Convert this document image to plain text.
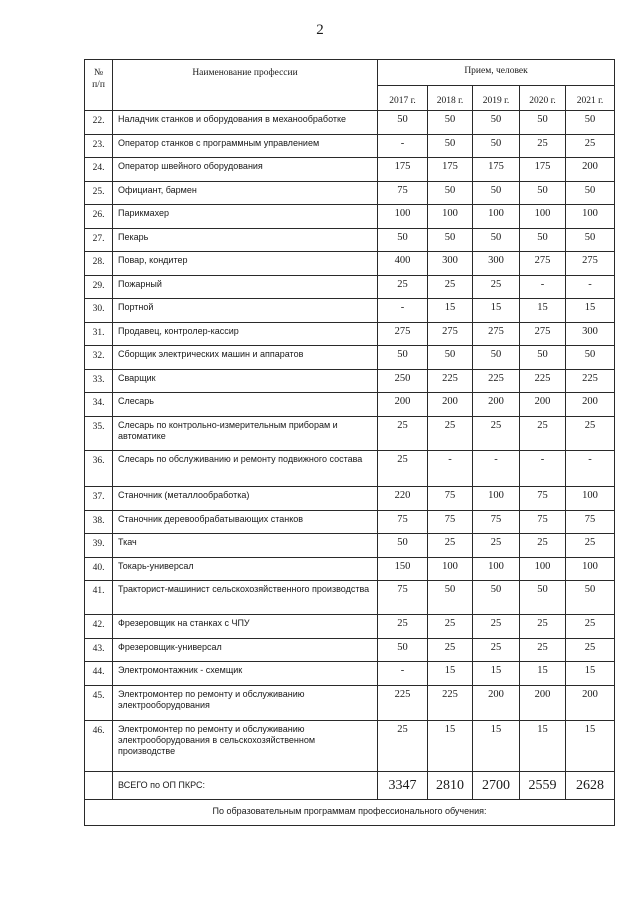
2
№
п/п	Наименование профессии	Прием, человек				
		2017 г.	2018 г.	2019 г.	2020 г.	2021 г.
22.	Наладчик станков и оборудования в механообработке	50	50	50	50	50
23.	Оператор станков с программным управлением	-	50	50	25	25
24.	Оператор швейного оборудования	175	175	175	175	200
25.	Официант, бармен	75	50	50	50	50
26.	Парикмахер	100	100	100	100	100
27.	Пекарь	50	50	50	50	50
28.	Повар, кондитер	400	300	300	275	275
29.	Пожарный	25	25	25	-	-
30.	Портной	-	15	15	15	15
31.	Продавец, контролер-кассир	275	275	275	275	300
32.	Сборщик электрических машин и аппаратов	50	50	50	50	50
33.	Сварщик	250	225	225	225	225
34.	Слесарь	200	200	200	200	200
35.	Слесарь по контрольно-измерительным приборам и автоматике	25	25	25	25	25
36.	Слесарь по обслуживанию и ремонту подвижного состава	25	-	-	-	-
37.	Станочник (металлообработка)	220	75	100	75	100
38.	Станочник деревообрабатывающих станков	75	75	75	75	75
39.	Ткач	50	25	25	25	25
40.	Токарь-универсал	150	100	100	100	100
41.	Тракторист-машинист сельскохозяйственного производства	75	50	50	50	50
42.	Фрезеровщик на станках с ЧПУ	25	25	25	25	25
43.	Фрезеровщик-универсал	50	25	25	25	25
44.	Электромонтажник - схемщик	-	15	15	15	15
45.	Электромонтер по ремонту и обслуживанию электрооборудования	225	225	200	200	200
46.	Электромонтер по ремонту и обслуживанию электрооборудования в сельскохозяйственном производстве	25	15	15	15	15
	ВСЕГО по ОП ПКРС:	3347	2810	2700	2559	2628
По образовательным программам профессионального обучения:						
